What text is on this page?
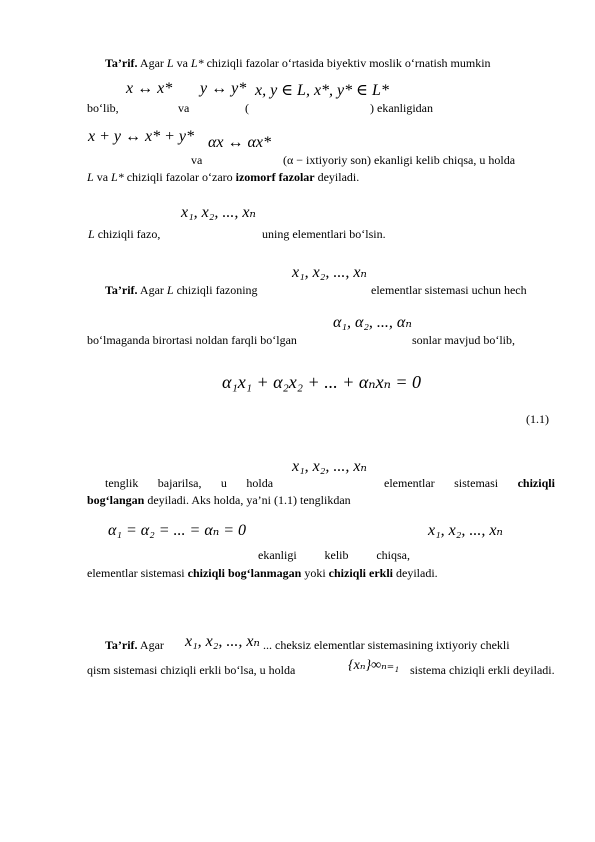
Ta’rif. Agar L va L* chiziqli fazolar o‘rtasida biyektiv moslik o‘rnatish mumkin
x ↔ x* y ↔ y* x, y ∈ L, x*, y* ∈ L*
bo‘lib,	va	(	) ekanligidan
x + y ↔ x* + y* αx ↔ αx*
va	(α − ixtiyoriy son) ekanligi kelib chiqsa, u holda
L va L* chiziqli fazolar o‘zaro izomorf fazolar deyiladi.
x₁, x₂, ..., xₙ
L chiziqli fazo,	uning elementlari bo‘lsin.
x₁, x₂, ..., xₙ
Ta’rif. Agar L chiziqli fazoning	elementlar sistemasi uchun hech
α₁, α₂, ..., αₙ
bo‘lmaganda birortasi noldan farqli bo‘lgan	sonlar mavjud bo‘lib,
α₁x₁ + α₂x₂ + ... + αₙxₙ = 0
(1.1)
x₁, x₂, ..., xₙ
tenglik bajarilsa, u holda	elementlar sistemasi chiziqli
bog‘langan deyiladi. Aks holda, ya’ni (1.1) tenglikdan
α₁ = α₂ = ... = αₙ = 0	x₁, x₂, ..., xₙ
ekanligi kelib chiqsa,
elementlar sistemasi chiziqli bog‘lanmagan yoki chiziqli erkli deyiladi.
Ta’rif. Agar x₁, x₂, ..., xₙ ... cheksiz elementlar sistemasining ixtiyoriy chekli
qism sistemasi chiziqli erkli bo‘lsa, u holda	{xₙ}∞ₙ₌₁ sistema chiziqli erkli deyiladi.
